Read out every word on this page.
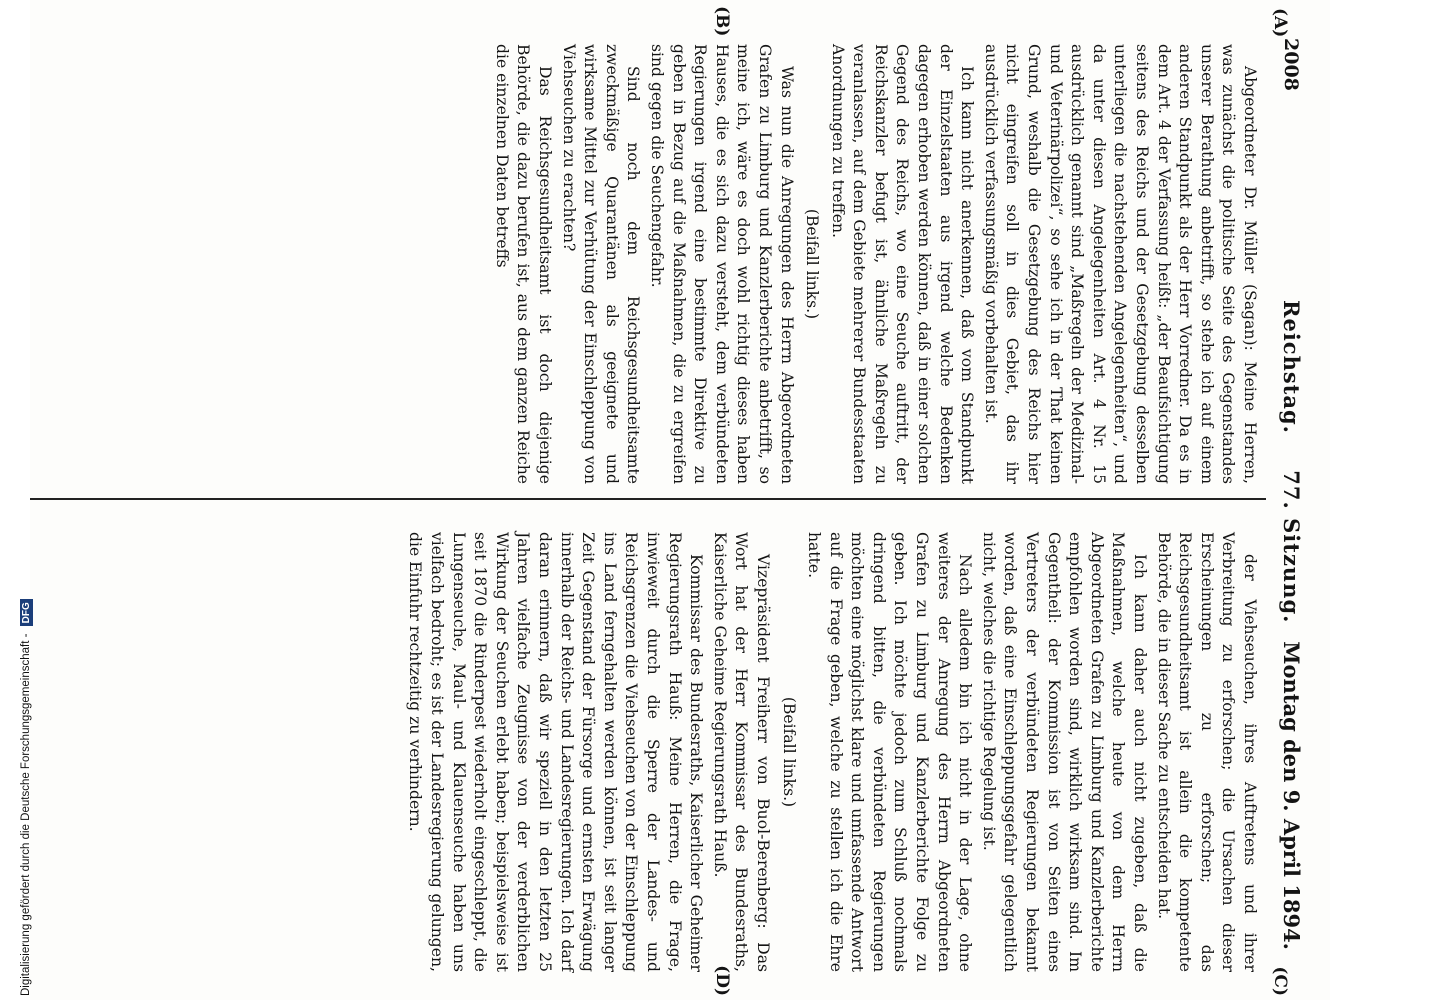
2008
Reichstag. 77. Sitzung.
Montag den 9. April 1894.
(A)
(C)
(B)
(D)

Abgeordneter Dr. Müller (Sagan): Meine Herren, was zunächst die politische Seite des Gegenstandes unserer Berathung anbetrifft, so stehe ich auf einem anderen Standpunkt als der Herr Vorredner. Da es in dem Art. 4 der Verfassung heißt: „der Beaufsichtigung seitens des Reichs und der Gesetzgebung desselben unterliegen die nachstehenden Angelegenheiten“, und da unter diesen Angelegenheiten Art. 4 Nr. 15 ausdrücklich genannt sind „Maßregeln der Medizinal- und Veterinärpolizei“, so sehe ich in der That keinen Grund, weshalb die Gesetzgebung des Reichs hier nicht eingreifen soll in dies Gebiet, das ihr ausdrücklich verfassungsmäßig vorbehalten ist.

Ich kann nicht anerkennen, daß vom Standpunkt der Einzelstaaten aus irgend welche Bedenken dagegen erhoben werden können, daß in einer solchen Gegend des Reichs, wo eine Seuche auftritt, der Reichskanzler befugt ist, ähnliche Maßregeln zu veranlassen, auf dem Gebiete mehrerer Bundesstaaten Anordnungen zu treffen.

(Beifall links.)

Was nun die Anregungen des Herrn Abgeordneten Grafen zu Limburg und Kanzlerberichte anbetrifft, so meine ich, wäre es doch wohl richtig dieses haben Hauses, die es sich dazu versteht, dem verbündeten Regierungen irgend eine bestimmte Direktive zu geben in Bezug auf die Maßnahmen, die zu ergreifen sind gegen die Seuchengefahr.

Sind noch dem Reichsgesundheitsamte zweckmäßige Quarantänen als geeignete und wirksame Mittel zur Verhütung der Einschleppung von Viehseuchen zu erachten?

Das Reichsgesundheitsamt ist doch diejenige Behörde, die dazu berufen ist, aus dem ganzen Reiche die einzelnen Daten betreffs

der Viehseuchen, ihres Auftretens und ihrer Verbreitung zu erforschen; die Ursachen dieser Erscheinungen zu erforschen; das Reichsgesundheitsamt ist allein die kompetente Behörde, die in dieser Sache zu entscheiden hat.

Ich kann daher auch nicht zugeben, daß die Maßnahmen, welche heute von dem Herrn Abgeordneten Grafen zu Limburg und Kanzlerberichte empfohlen worden sind, wirklich wirksam sind. Im Gegentheil: der Kommission ist von Seiten eines Vertreters der verbündeten Regierungen bekannt worden, daß eine Einschleppungsgefahr gelegentlich nicht, welches die richtige Regelung ist.

Nach alledem bin ich nicht in der Lage, ohne weiteres der Anregung des Herrn Abgeordneten Grafen zu Limburg und Kanzlerberichte Folge zu geben. Ich möchte jedoch zum Schluß nochmals dringend bitten, die verbündeten Regierungen möchten eine möglichst klare und umfassende Antwort auf die Frage geben, welche zu stellen ich die Ehre hatte.

(Beifall links.)

Vizepräsident Freiherr von Buol-Berenberg: Das Wort hat der Herr Kommissar des Bundesraths, Kaiserliche Geheime Regierungsrath Hauß.

Kommissar des Bundesraths, Kaiserlicher Geheimer Regierungsrath Hauß: Meine Herren, die Frage, inwieweit durch die Sperre der Landes- und Reichsgrenzen die Viehseuchen von der Einschleppung ins Land ferngehalten werden können, ist seit langer Zeit Gegenstand der Fürsorge und ernsten Erwägung innerhalb der Reichs- und Landesregierungen. Ich darf daran erinnern, daß wir speziell in den letzten 25 Jahren vielfache Zeugnisse von der verderblichen Wirkung der Seuchen erlebt haben; beispielsweise ist seit 1870 die Rinderpest wiederholt eingeschleppt, die Lungenseuche, Maul- und Klauenseuche haben uns vielfach bedroht; es ist der Landesregierung gelungen, die Einfuhr rechtzeitig zu verhindern.

Digitalisierung gefördert durch die Deutsche Forschungsgemeinschaft - DFG
